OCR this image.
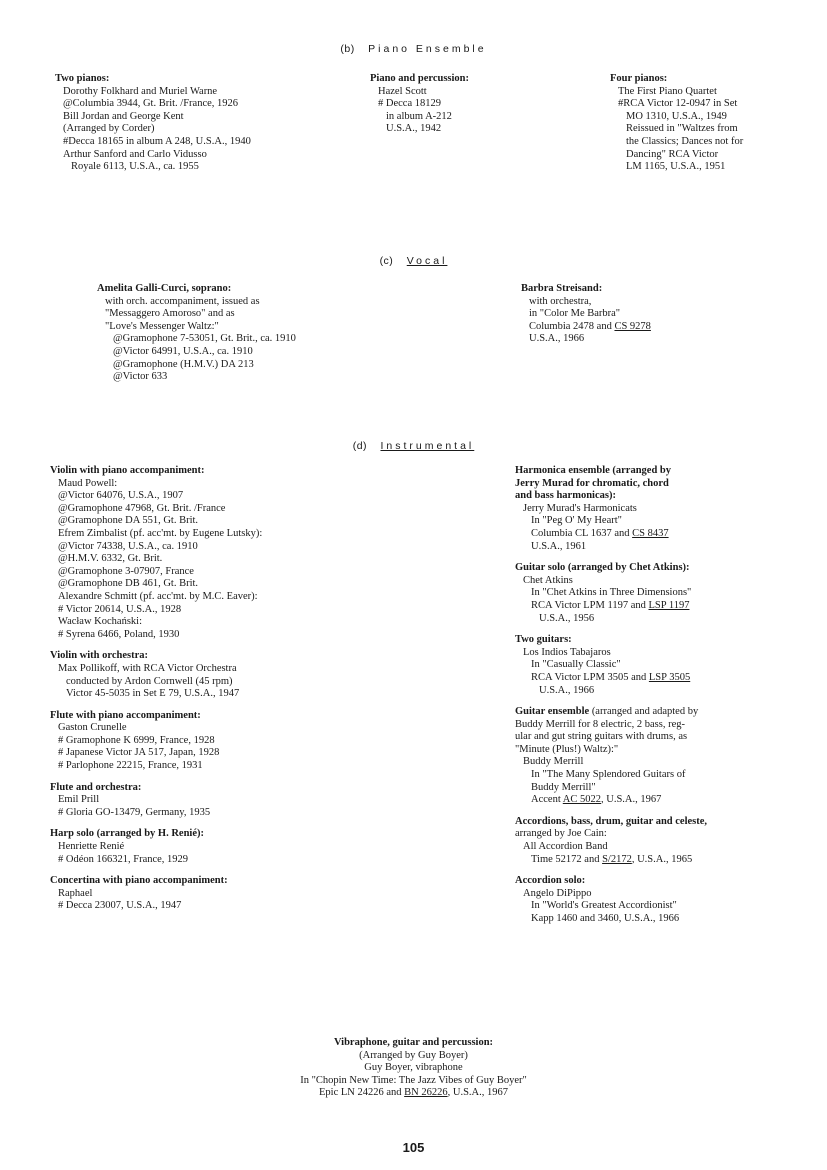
(b) Piano Ensemble
Two pianos:
Dorothy Folkhard and Muriel Warne
@Columbia 3944, Gt. Brit. /France, 1926
Bill Jordan and George Kent
(Arranged by Corder)
#Decca 18165 in album A 248, U.S.A., 1940
Arthur Sanford and Carlo Vidusso
Royale 6113, U.S.A., ca. 1955
Piano and percussion:
Hazel Scott
# Decca 18129
in album A-212
U.S.A., 1942
Four pianos:
The First Piano Quartet
#RCA Victor 12-0947 in Set
MO 1310, U.S.A., 1949
Reissued in "Waltzes from
the Classics; Dances not for
Dancing" RCA Victor
LM 1165, U.S.A., 1951
(c) Vocal
Amelita Galli-Curci, soprano:
with orch. accompaniment, issued as
"Messaggero Amoroso" and as
"Love's Messenger Waltz:"
@Gramophone 7-53051, Gt. Brit., ca. 1910
@Victor 64991, U.S.A., ca. 1910
@Gramophone (H.M.V.) DA 213
@Victor 633
Barbra Streisand:
with orchestra,
in "Color Me Barbra"
Columbia 2478 and CS 9278
U.S.A., 1966
(d) Instrumental
Violin with piano accompaniment:
Maud Powell:
@Victor 64076, U.S.A., 1907
@Gramophone 47968, Gt. Brit. /France
@Gramophone DA 551, Gt. Brit.
Efrem Zimbalist (pf. acc'mt. by Eugene Lutsky):
@Victor 74338, U.S.A., ca. 1910
@H.M.V. 6332, Gt. Brit.
@Gramophone 3-07907, France
@Gramophone DB 461, Gt. Brit.
Alexandre Schmitt (pf. acc'mt. by M.C. Eaver):
# Victor 20614, U.S.A., 1928
Wacław Kochański:
# Syrena 6466, Poland, 1930
Violin with orchestra:
Max Pollikoff, with RCA Victor Orchestra
conducted by Ardon Cornwell (45 rpm)
Victor 45-5035 in Set E 79, U.S.A., 1947
Flute with piano accompaniment:
Gaston Crunelle
# Gramophone K 6999, France, 1928
# Japanese Victor JA 517, Japan, 1928
# Parlophone 22215, France, 1931
Flute and orchestra:
Emil Prill
# Gloria GO-13479, Germany, 1935
Harp solo (arranged by H. Renié):
Henriette Renié
# Odéon 166321, France, 1929
Concertina with piano accompaniment:
Raphael
# Decca 23007, U.S.A., 1947
Harmonica ensemble (arranged by
Jerry Murad for chromatic, chord
and bass harmonicas):
Jerry Murad's Harmonicats
In "Peg O' My Heart"
Columbia CL 1637 and CS 8437
U.S.A., 1961
Guitar solo (arranged by Chet Atkins):
Chet Atkins
In "Chet Atkins in Three Dimensions"
RCA Victor LPM 1197 and LSP 1197
U.S.A., 1956
Two guitars:
Los Indios Tabajaros
In "Casually Classic"
RCA Victor LPM 3505 and LSP 3505
U.S.A., 1966
Guitar ensemble (arranged and adapted by
Buddy Merrill for 8 electric, 2 bass, reg-
ular and gut string guitars with drums, as
"Minute (Plus!) Waltz):"
Buddy Merrill
In "The Many Splendored Guitars of
Buddy Merrill"
Accent AC 5022, U.S.A., 1967
Accordions, bass, drum, guitar and celeste,
arranged by Joe Cain:
All Accordion Band
Time 52172 and S/2172, U.S.A., 1965
Accordion solo:
Angelo DiPippo
In "World's Greatest Accordionist"
Kapp 1460 and 3460, U.S.A., 1966
Vibraphone, guitar and percussion:
(Arranged by Guy Boyer)
Guy Boyer, vibraphone
In "Chopin New Time: The Jazz Vibes of Guy Boyer"
Epic LN 24226 and BN 26226, U.S.A., 1967
105
